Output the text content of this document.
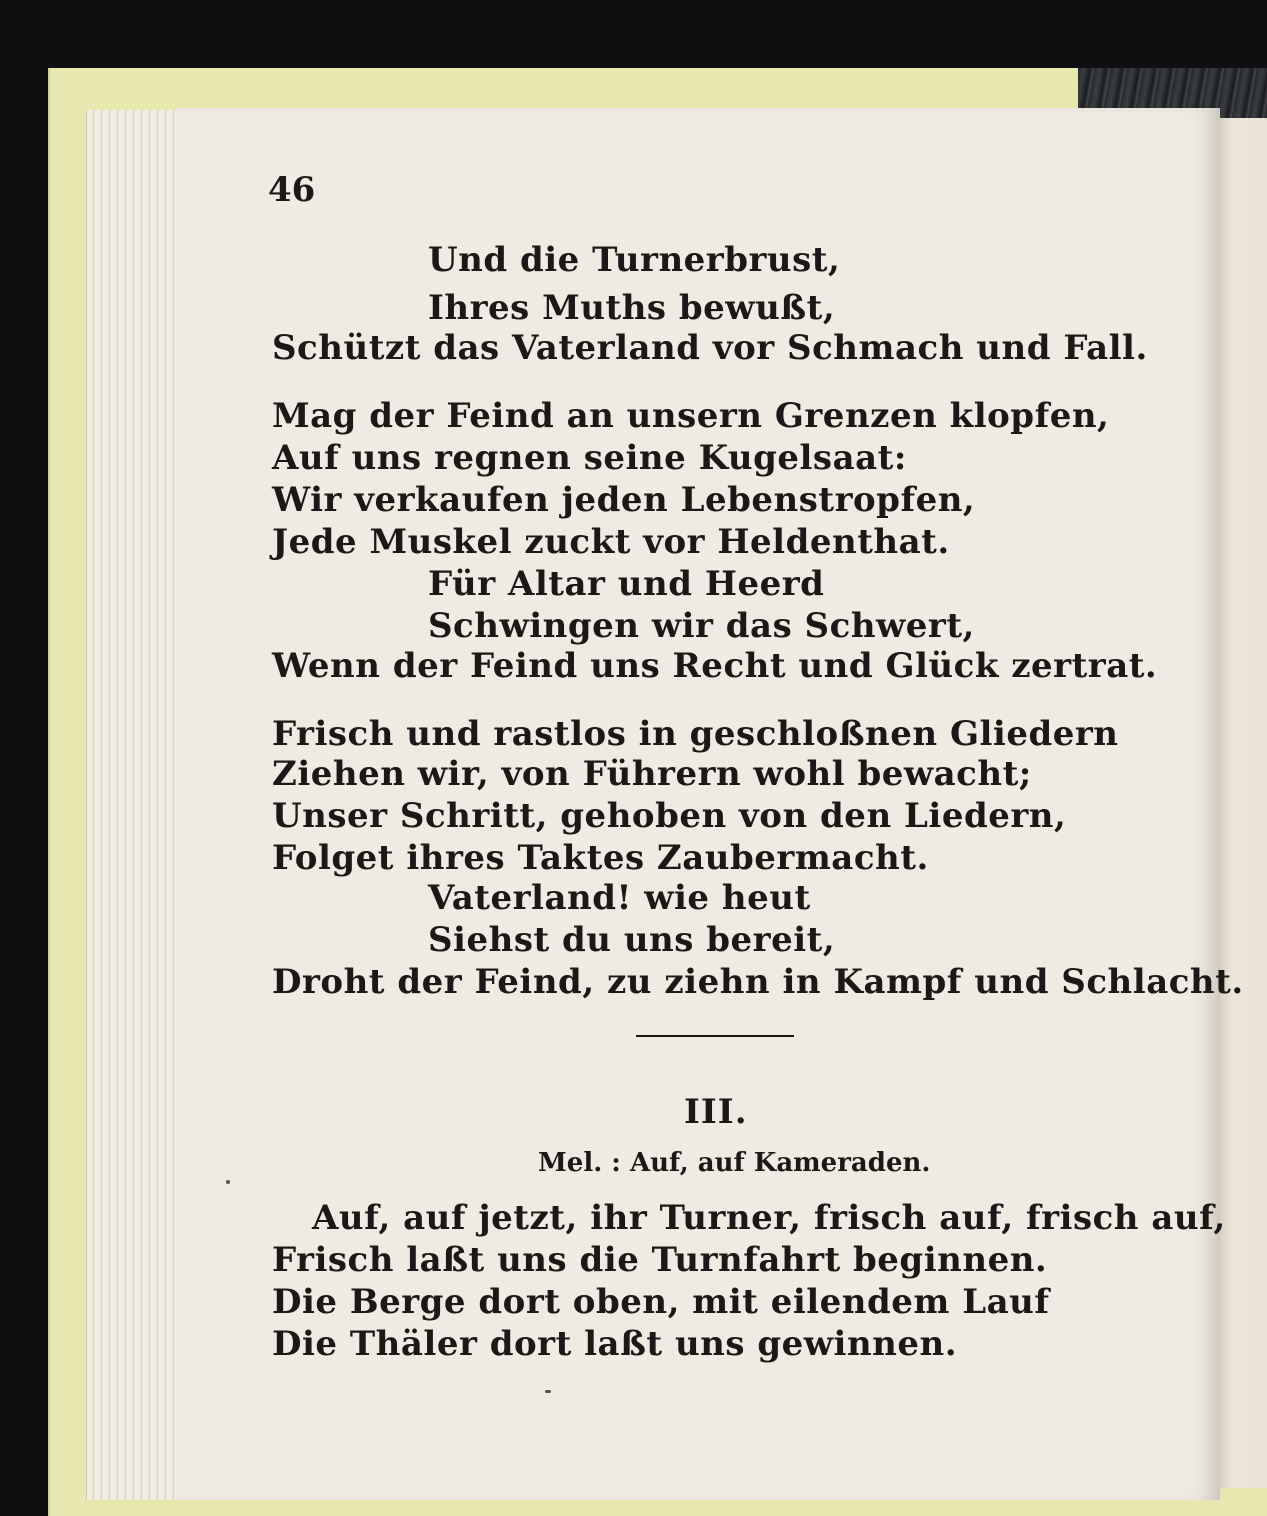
46
Und die Turnerbrust,
Ihres Muths bewußt,
Schützt das Vaterland vor Schmach und Fall.
Mag der Feind an unsern Grenzen klopfen,
Auf uns regnen seine Kugelsaat:
Wir verkaufen jeden Lebenstropfen,
Jede Muskel zuckt vor Heldenthat.
Für Altar und Heerd
Schwingen wir das Schwert,
Wenn der Feind uns Recht und Glück zertrat.
Frisch und rastlos in geschloßnen Gliedern
Ziehen wir, von Führern wohl bewacht;
Unser Schritt, gehoben von den Liedern,
Folget ihres Taktes Zaubermacht.
Vaterland! wie heut
Siehst du uns bereit,
Droht der Feind, zu ziehn in Kampf und Schlacht.
III.
Mel. : Auf, auf Kameraden.
Auf, auf jetzt, ihr Turner, frisch auf, frisch auf,
Frisch laßt uns die Turnfahrt beginnen.
Die Berge dort oben, mit eilendem Lauf
Die Thäler dort laßt uns gewinnen.
